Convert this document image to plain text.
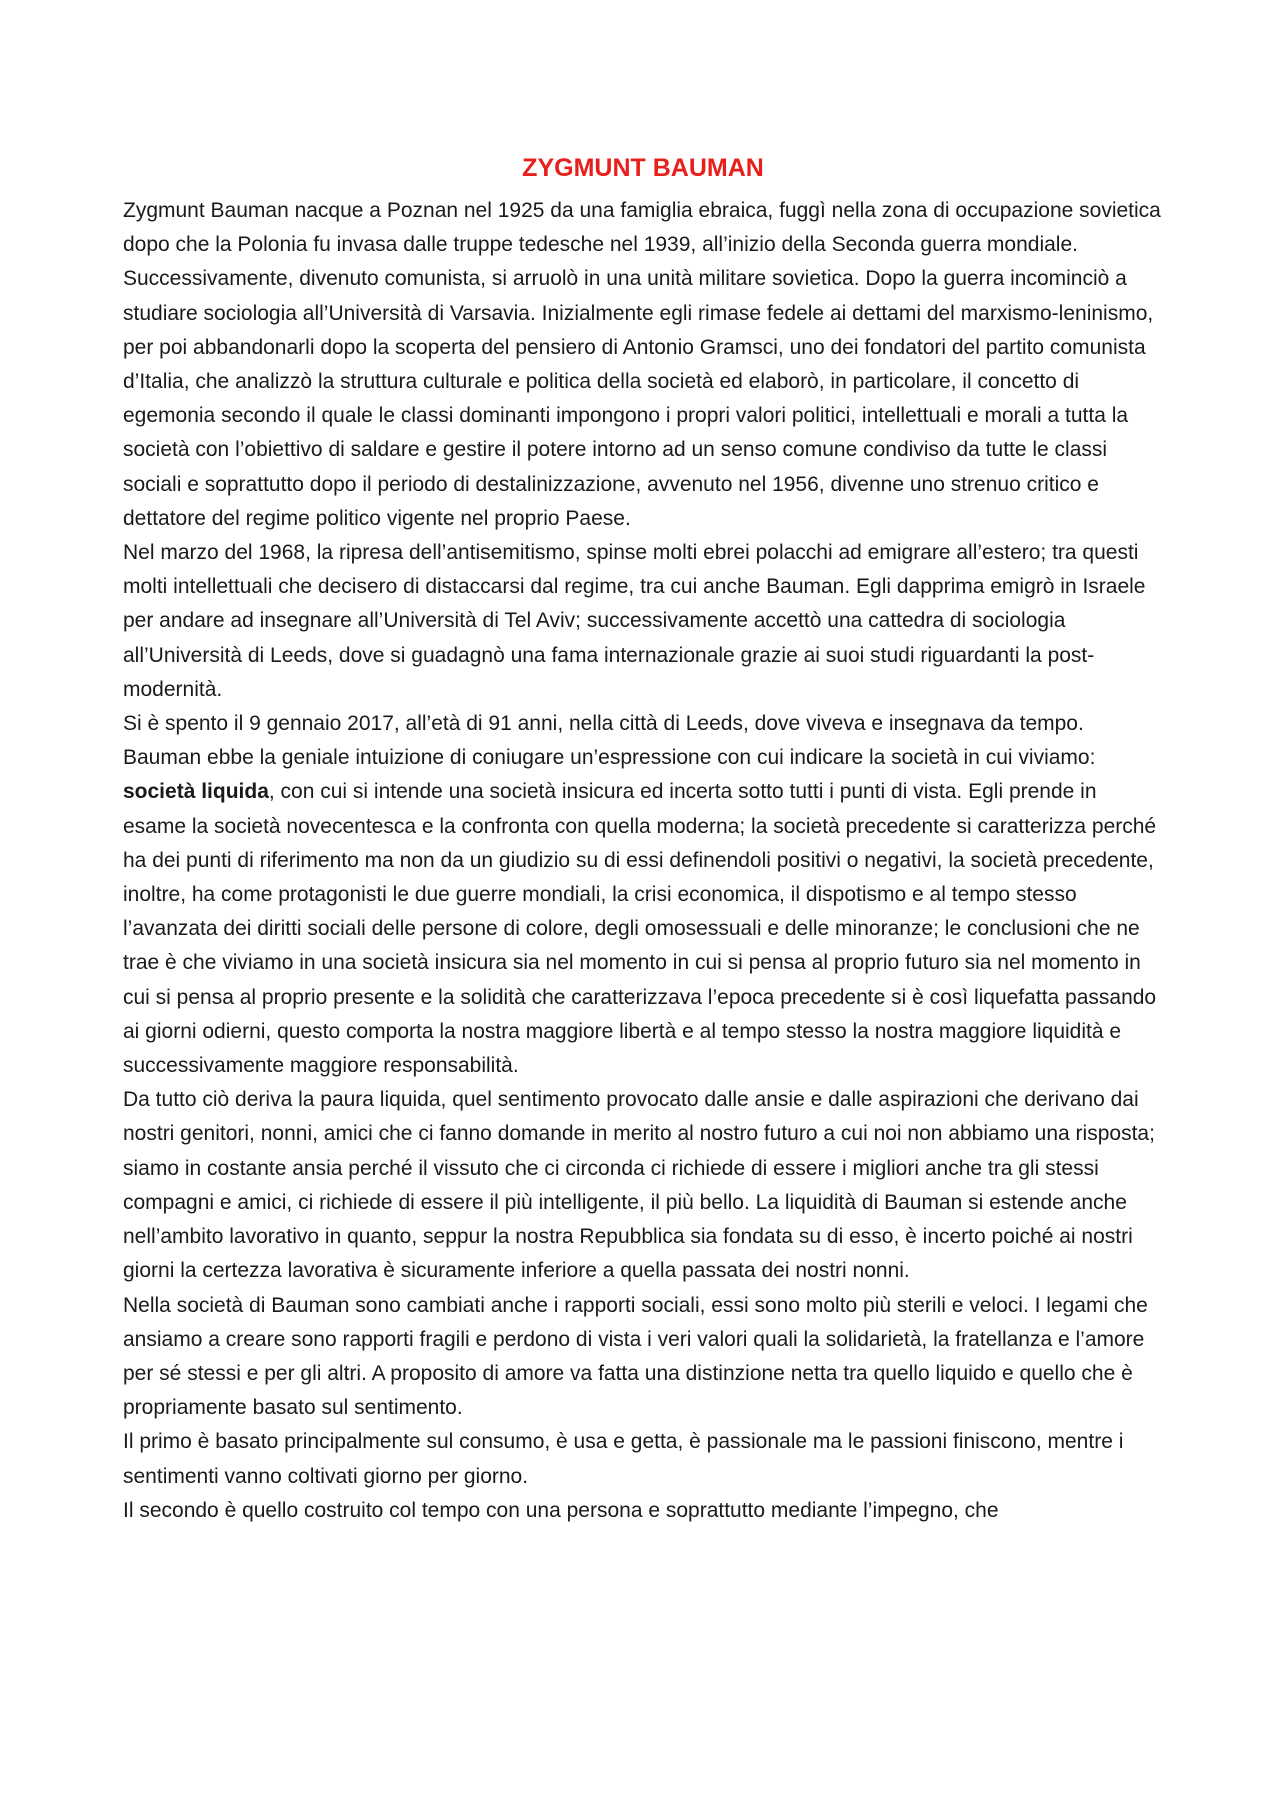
ZYGMUNT BAUMAN

Zygmunt Bauman nacque a Poznan nel 1925 da una famiglia ebraica, fuggì nella zona di occupazione sovietica dopo che la Polonia fu invasa dalle truppe tedesche nel 1939, all’inizio della Seconda guerra mondiale. Successivamente, divenuto comunista, si arruolò in una unità militare sovietica. Dopo la guerra incominciò a studiare sociologia all’Università di Varsavia. Inizialmente egli rimase fedele ai dettami del marxismo-leninismo, per poi abbandonarli dopo la scoperta del pensiero di Antonio Gramsci, uno dei fondatori del partito comunista d’Italia, che analizzò la struttura culturale e politica della società ed elaborò, in particolare, il concetto di egemonia secondo il quale le classi dominanti impongono i propri valori politici, intellettuali e morali a tutta la società con l’obiettivo di saldare e gestire il potere intorno ad un senso comune condiviso da tutte le classi sociali e soprattutto dopo il periodo di destalinizzazione, avvenuto nel 1956, divenne uno strenuo critico e dettatore del regime politico vigente nel proprio Paese.

Nel marzo del 1968, la ripresa dell’antisemitismo, spinse molti ebrei polacchi ad emigrare all’estero; tra questi molti intellettuali che decisero di distaccarsi dal regime, tra cui anche Bauman. Egli dapprima emigrò in Israele per andare ad insegnare all’Università di Tel Aviv; successivamente accettò una cattedra di sociologia all’Università di Leeds, dove si guadagnò una fama internazionale grazie ai suoi studi riguardanti la post-modernità.

Si è spento il 9 gennaio 2017, all’età di 91 anni, nella città di Leeds, dove viveva e insegnava da tempo.

Bauman ebbe la geniale intuizione di coniugare un’espressione con cui indicare la società in cui viviamo: società liquida, con cui si intende una società insicura ed incerta sotto tutti i punti di vista. Egli prende in esame la società novecentesca e la confronta con quella moderna; la società precedente si caratterizza perché ha dei punti di riferimento ma non da un giudizio su di essi definendoli positivi o negativi, la società precedente, inoltre, ha come protagonisti le due guerre mondiali, la crisi economica, il dispotismo e al tempo stesso l’avanzata dei diritti sociali delle persone di colore, degli omosessuali e delle minoranze; le conclusioni che ne trae è che viviamo in una società insicura sia nel momento in cui si pensa al proprio futuro sia nel momento in cui si pensa al proprio presente e la solidità che caratterizzava l’epoca precedente si è così liquefatta passando ai giorni odierni, questo comporta la nostra maggiore libertà e al tempo stesso la nostra maggiore liquidità e successivamente maggiore responsabilità.

Da tutto ciò deriva la paura liquida, quel sentimento provocato dalle ansie e dalle aspirazioni che derivano dai nostri genitori, nonni, amici che ci fanno domande in merito al nostro futuro a cui noi non abbiamo una risposta; siamo in costante ansia perché il vissuto che ci circonda ci richiede di essere i migliori anche tra gli stessi compagni e amici, ci richiede di essere il più intelligente, il più bello. La liquidità di Bauman si estende anche nell’ambito lavorativo in quanto, seppur la nostra Repubblica sia fondata su di esso, è incerto poiché ai nostri giorni la certezza lavorativa è sicuramente inferiore a quella passata dei nostri nonni.

Nella società di Bauman sono cambiati anche i rapporti sociali, essi sono molto più sterili e veloci. I legami che ansiamo a creare sono rapporti fragili e perdono di vista i veri valori quali la solidarietà, la fratellanza e l’amore per sé stessi e per gli altri. A proposito di amore va fatta una distinzione netta tra quello liquido e quello che è propriamente basato sul sentimento.

Il primo è basato principalmente sul consumo, è usa e getta, è passionale ma le passioni finiscono, mentre i sentimenti vanno coltivati giorno per giorno.

Il secondo è quello costruito col tempo con una persona e soprattutto mediante l’impegno, che
